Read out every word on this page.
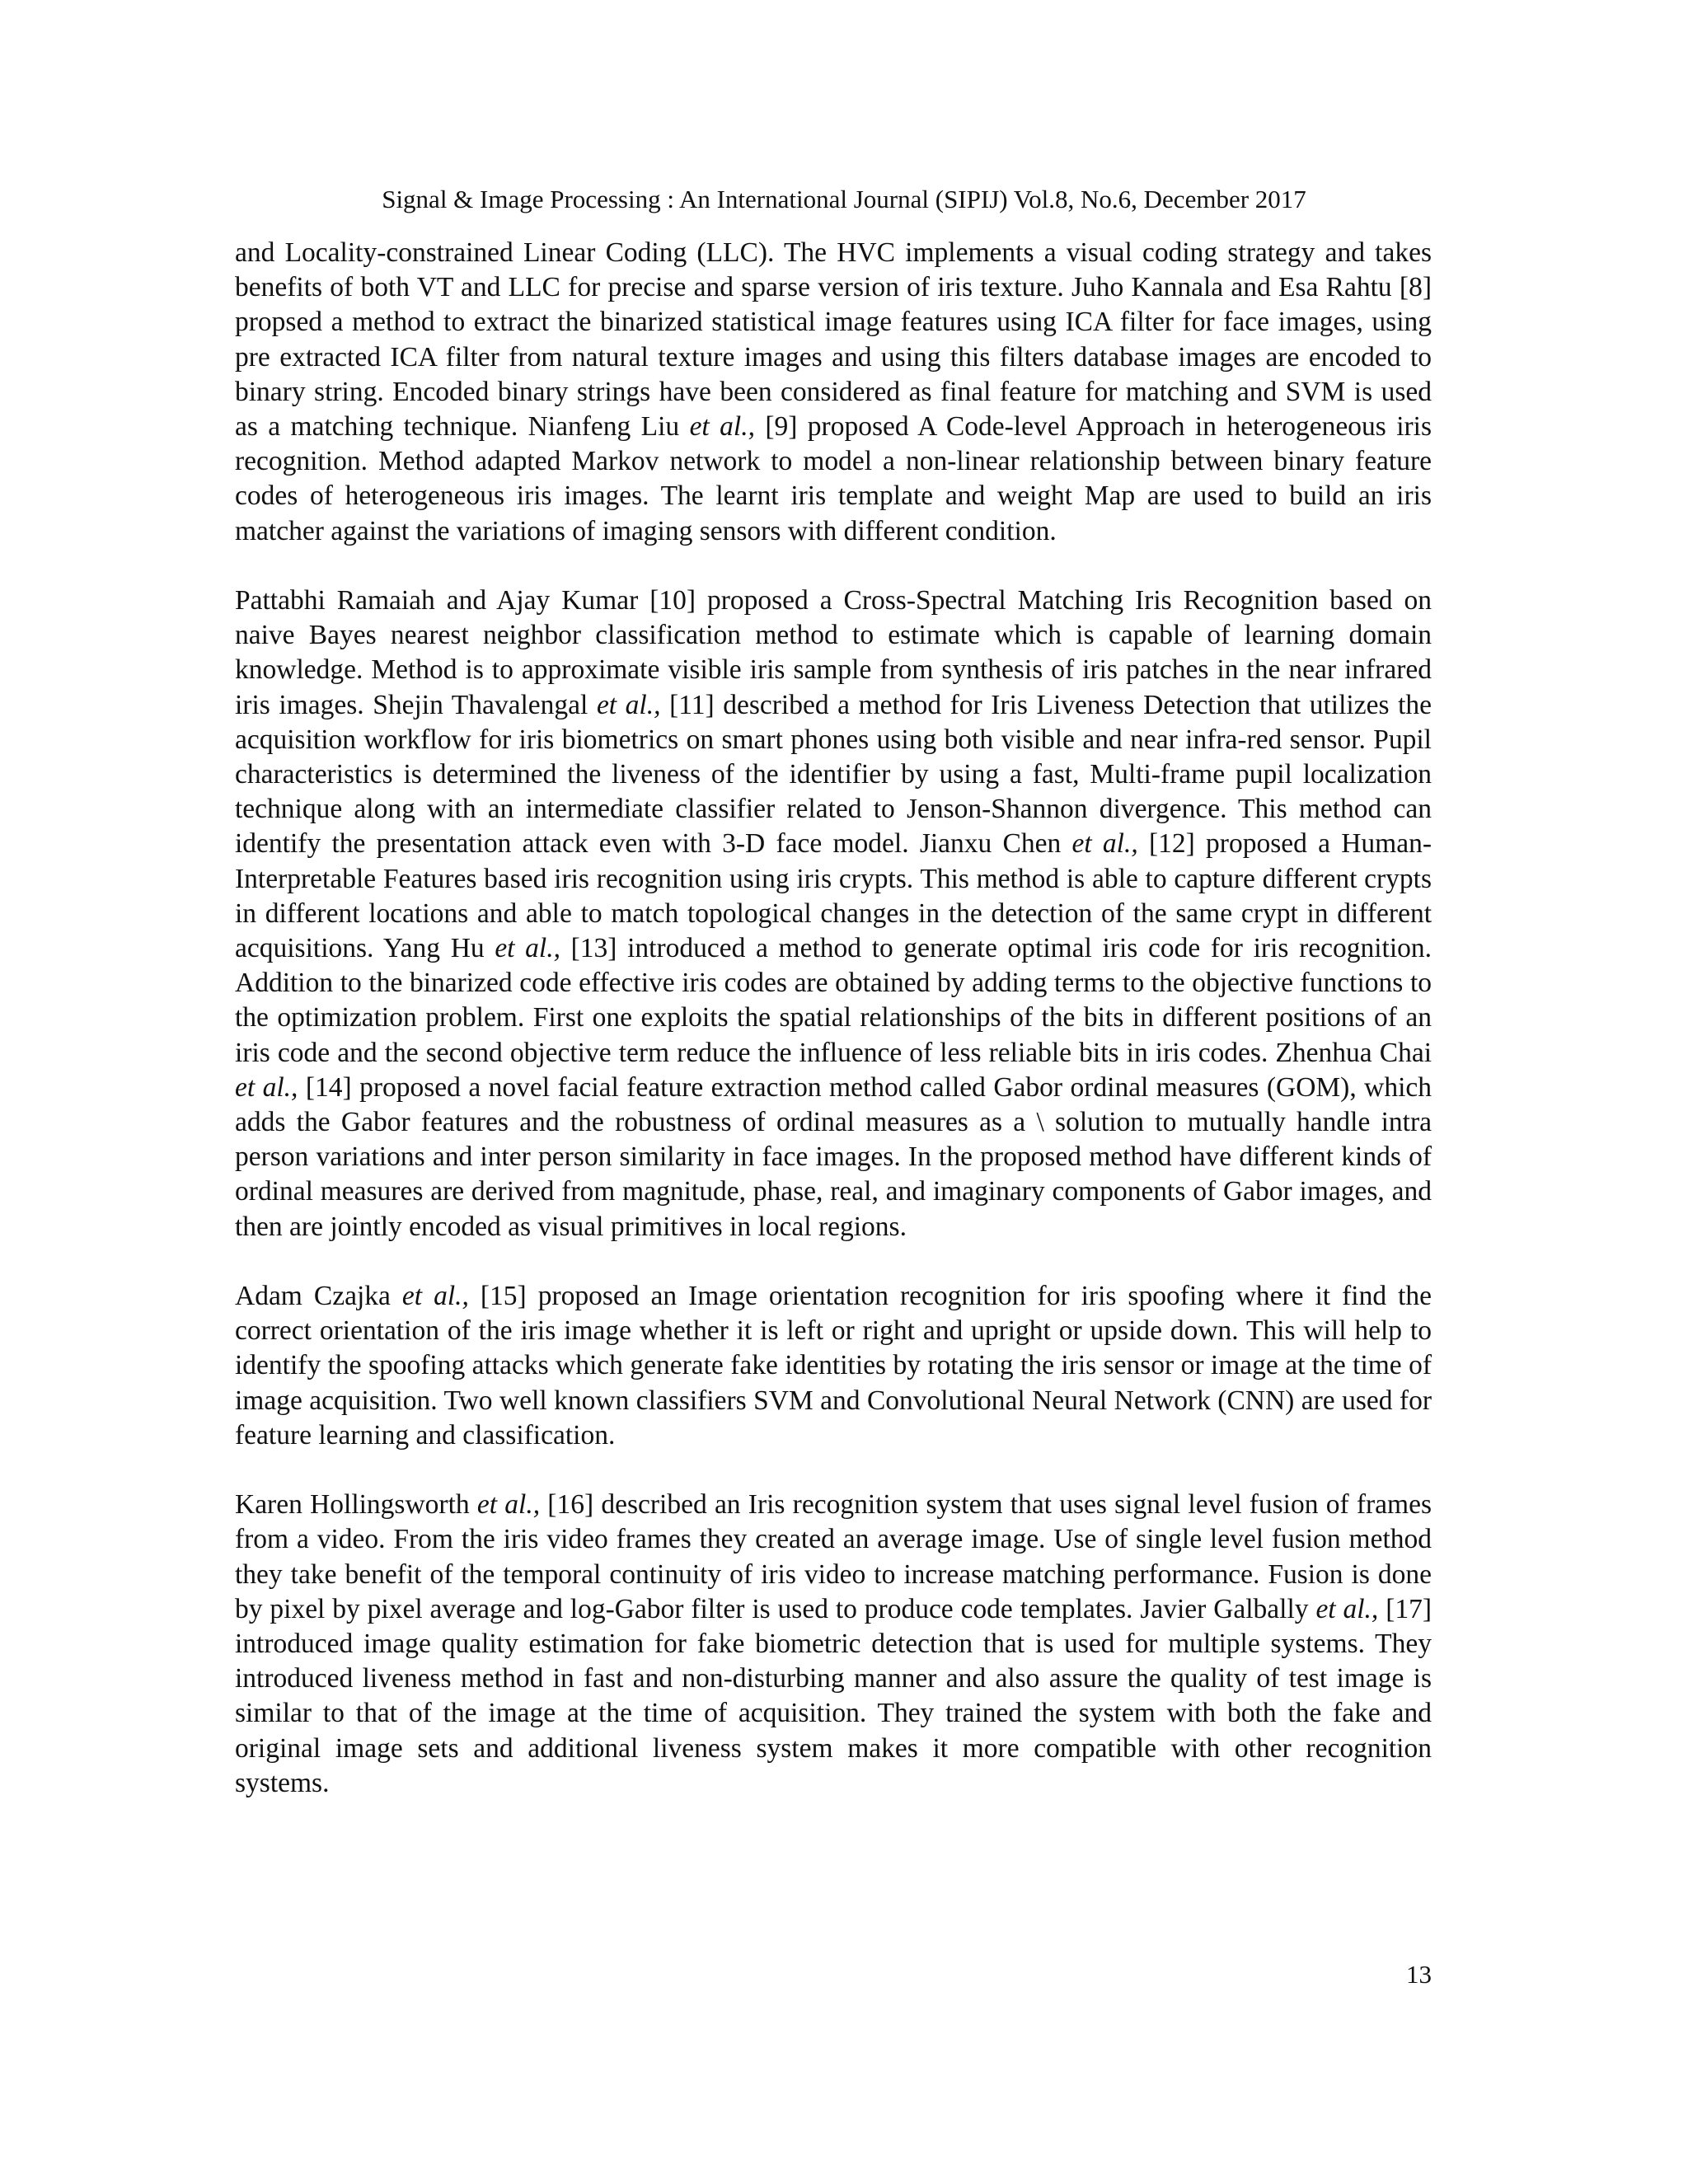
Signal & Image Processing : An International Journal (SIPIJ) Vol.8, No.6, December 2017

and Locality-constrained Linear Coding (LLC). The HVC implements a visual coding strategy and takes benefits of both VT and LLC for precise and sparse version of iris texture. Juho Kannala and Esa Rahtu [8] propsed a method to extract the binarized statistical image features using ICA filter for face images, using pre extracted ICA filter from natural texture images and using this filters database images are encoded to binary string. Encoded binary strings have been considered as final feature for matching and SVM is used as a matching technique. Nianfeng Liu et al., [9] proposed A Code-level Approach in heterogeneous iris recognition. Method adapted Markov network to model a non-linear relationship between binary feature codes of heterogeneous iris images. The learnt iris template and weight Map are used to build an iris matcher against the variations of imaging sensors with different condition.

Pattabhi Ramaiah and Ajay Kumar [10] proposed a Cross-Spectral Matching Iris Recognition based on naive Bayes nearest neighbor classification method to estimate which is capable of learning domain knowledge. Method is to approximate visible iris sample from synthesis of iris patches in the near infrared iris images. Shejin Thavalengal et al., [11] described a method for Iris Liveness Detection that utilizes the acquisition workflow for iris biometrics on smart phones using both visible and near infra-red sensor. Pupil characteristics is determined the liveness of the identifier by using a fast, Multi-frame pupil localization technique along with an intermediate classifier related to Jenson-Shannon divergence. This method can identify the presentation attack even with 3-D face model. Jianxu Chen et al., [12] proposed a Human-Interpretable Features based iris recognition using iris crypts. This method is able to capture different crypts in different locations and able to match topological changes in the detection of the same crypt in different acquisitions. Yang Hu et al., [13] introduced a method to generate optimal iris code for iris recognition. Addition to the binarized code effective iris codes are obtained by adding terms to the objective functions to the optimization problem. First one exploits the spatial relationships of the bits in different positions of an iris code and the second objective term reduce the influence of less reliable bits in iris codes. Zhenhua Chai et al., [14] proposed a novel facial feature extraction method called Gabor ordinal measures (GOM), which adds the Gabor features and the robustness of ordinal measures as a \ solution to mutually handle intra person variations and inter person similarity in face images. In the proposed method have different kinds of ordinal measures are derived from magnitude, phase, real, and imaginary components of Gabor images, and then are jointly encoded as visual primitives in local regions.

Adam Czajka et al., [15] proposed an Image orientation recognition for iris spoofing where it find the correct orientation of the iris image whether it is left or right and upright or upside down. This will help to identify the spoofing attacks which generate fake identities by rotating the iris sensor or image at the time of image acquisition. Two well known classifiers SVM and Convolutional Neural Network (CNN) are used for feature learning and classification.

Karen Hollingsworth et al., [16] described an Iris recognition system that uses signal level fusion of frames from a video. From the iris video frames they created an average image. Use of single level fusion method they take benefit of the temporal continuity of iris video to increase matching performance. Fusion is done by pixel by pixel average and log-Gabor filter is used to produce code templates. Javier Galbally et al., [17] introduced image quality estimation for fake biometric detection that is used for multiple systems. They introduced liveness method in fast and non-disturbing manner and also assure the quality of test image is similar to that of the image at the time of acquisition. They trained the system with both the fake and original image sets and additional liveness system makes it more compatible with other recognition systems.

13
